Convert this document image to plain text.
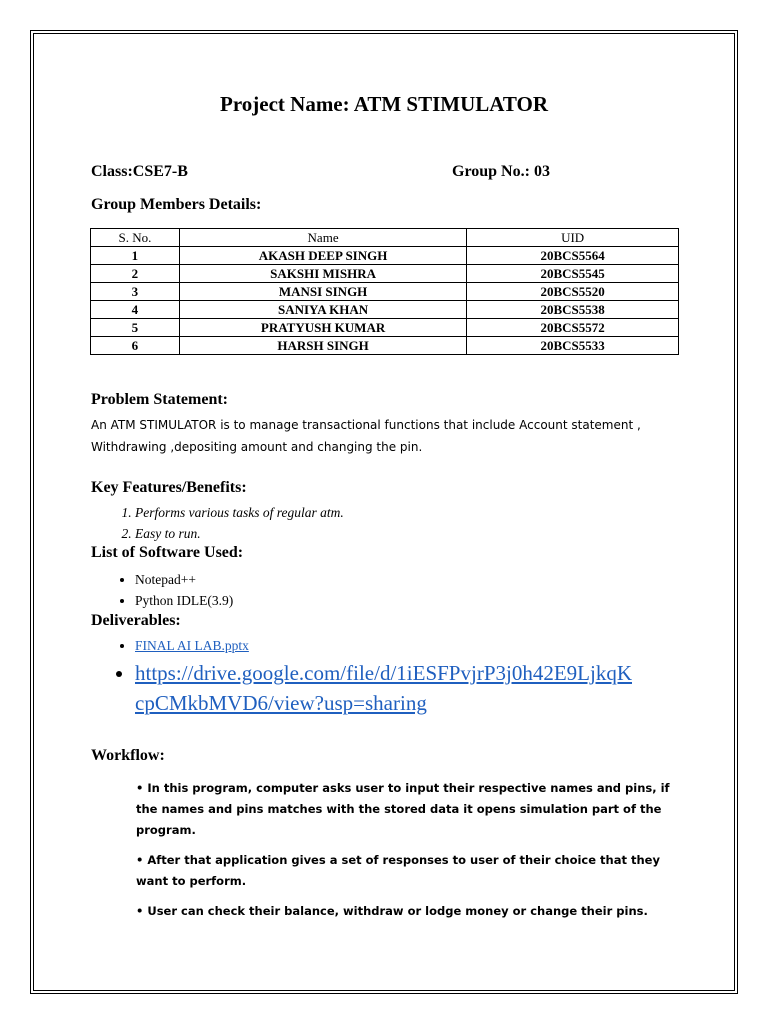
Project Name: ATM STIMULATOR
Class:CSE7-B	Group No.: 03
Group Members Details:
S. No.	Name	UID
1	AKASH DEEP SINGH	20BCS5564
2	SAKSHI MISHRA	20BCS5545
3	MANSI SINGH	20BCS5520
4	SANIYA KHAN	20BCS5538
5	PRATYUSH KUMAR	20BCS5572
6	HARSH SINGH	20BCS5533
Problem Statement:
An ATM STIMULATOR is to manage transactional functions that include Account statement , Withdrawing ,depositing amount and changing the pin.
Key Features/Benefits:
1. Performs various tasks of regular atm.
2. Easy to run.
List of Software Used:
• Notepad++
• Python IDLE(3.9)
Deliverables:
• FINAL AI LAB.pptx
• https://drive.google.com/file/d/1iESFPvjrP3j0h42E9LjkqK
cpCMkbMVD6/view?usp=sharing
Workflow:

• In this program, computer asks user to input their respective names and pins, if the names and pins matches with the stored data it opens simulation part of the program.

• After that application gives a set of responses to user of their choice that they want to perform.

• User can check their balance, withdraw or lodge money or change their pins.
